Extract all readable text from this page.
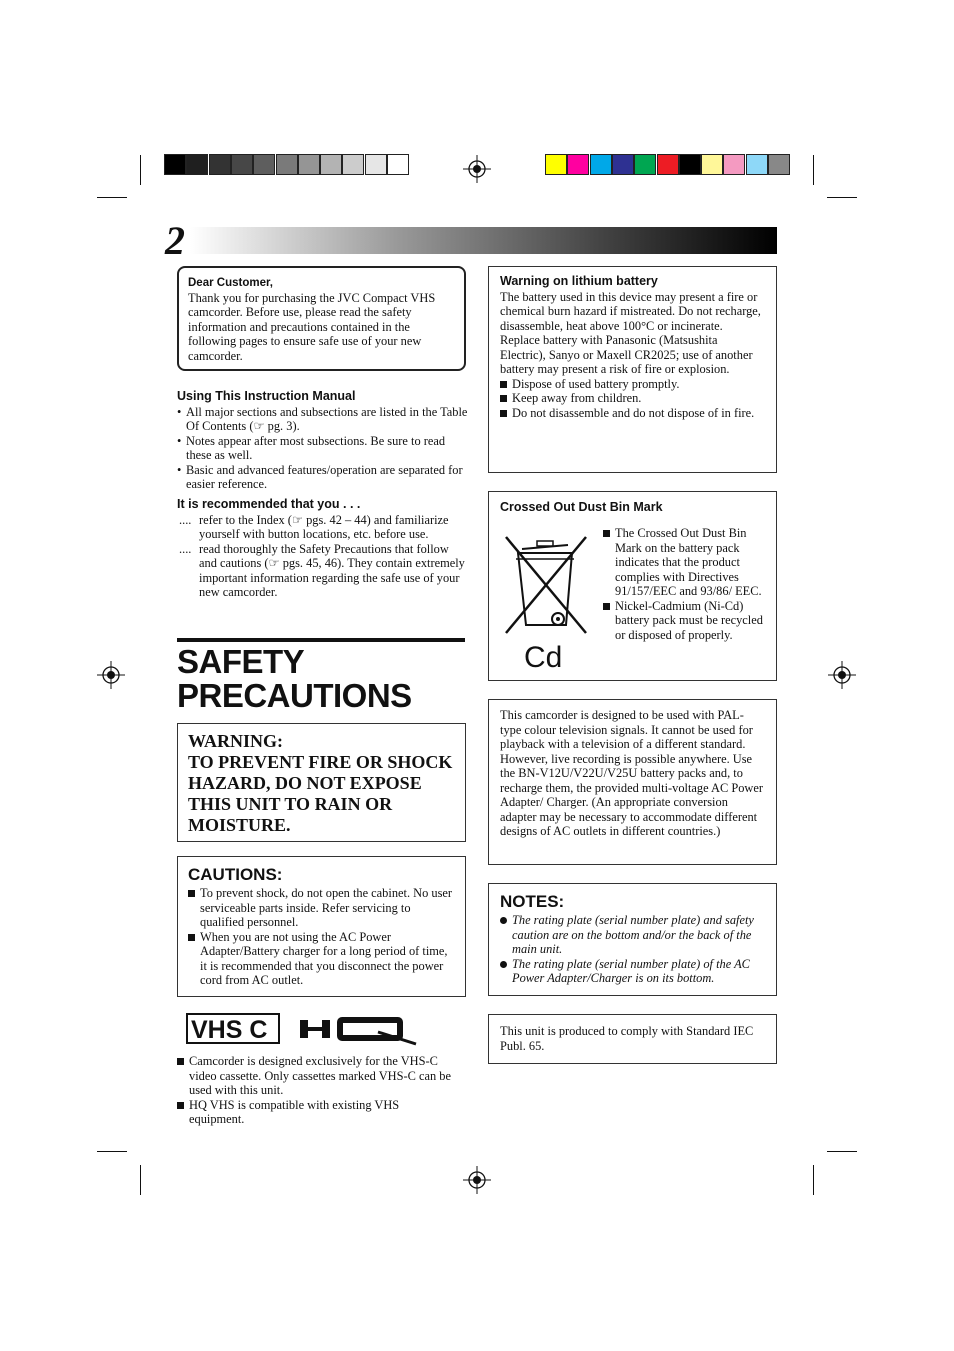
2
Dear Customer,
Thank you for purchasing the JVC Compact VHS camcorder. Before use, please read the safety information and precautions contained in the following pages to ensure safe use of your new camcorder.
Using This Instruction Manual
• All major sections and subsections are listed in the Table Of Contents (☞ pg. 3).
• Notes appear after most subsections. Be sure to read these as well.
• Basic and advanced features/operation are separated for easier reference.
It is recommended that you . . .
.... refer to the Index (☞ pgs. 42 – 44) and familiarize yourself with button locations, etc. before use.
.... read thoroughly the Safety Precautions that follow and cautions (☞ pgs. 45, 46). They contain extremely important information regarding the safe use of your new camcorder.
SAFETY
PRECAUTIONS
WARNING:
TO PREVENT FIRE OR SHOCK HAZARD, DO NOT EXPOSE THIS UNIT TO RAIN OR MOISTURE.
CAUTIONS:
To prevent shock, do not open the cabinet. No user serviceable parts inside. Refer servicing to qualified personnel.
When you are not using the AC Power Adapter/Battery charger for a long period of time, it is recommended that you disconnect the power cord from AC outlet.
VHS C	HQ
Camcorder is designed exclusively for the VHS-C video cassette. Only cassettes marked VHS-C can be used with this unit.
HQ VHS is compatible with existing VHS equipment.
Warning on lithium battery
The battery used in this device may present a fire or chemical burn hazard if mistreated. Do not recharge, disassemble, heat above 100°C or incinerate.
Replace battery with Panasonic (Matsushita Electric), Sanyo or Maxell CR2025; use of another battery may present a risk of fire or explosion.
Dispose of used battery promptly.
Keep away from children.
Do not disassemble and do not dispose of in fire.
Crossed Out Dust Bin Mark
Cd
The Crossed Out Dust Bin Mark on the battery pack indicates that the product complies with Directives 91/157/EEC and 93/86/ EEC.
Nickel-Cadmium (Ni-Cd) battery pack must be recycled or disposed of properly.
This camcorder is designed to be used with PAL-type colour television signals. It cannot be used for playback with a television of a different standard. However, live recording is possible anywhere. Use the BN-V12U/V22U/V25U battery packs and, to recharge them, the provided multi-voltage AC Power Adapter/ Charger. (An appropriate conversion adapter may be necessary to accommodate different designs of AC outlets in different countries.)
NOTES:
The rating plate (serial number plate) and safety caution are on the bottom and/or the back of the main unit.
The rating plate (serial number plate) of the AC Power Adapter/Charger is on its bottom.
This unit is produced to comply with Standard IEC Publ. 65.
